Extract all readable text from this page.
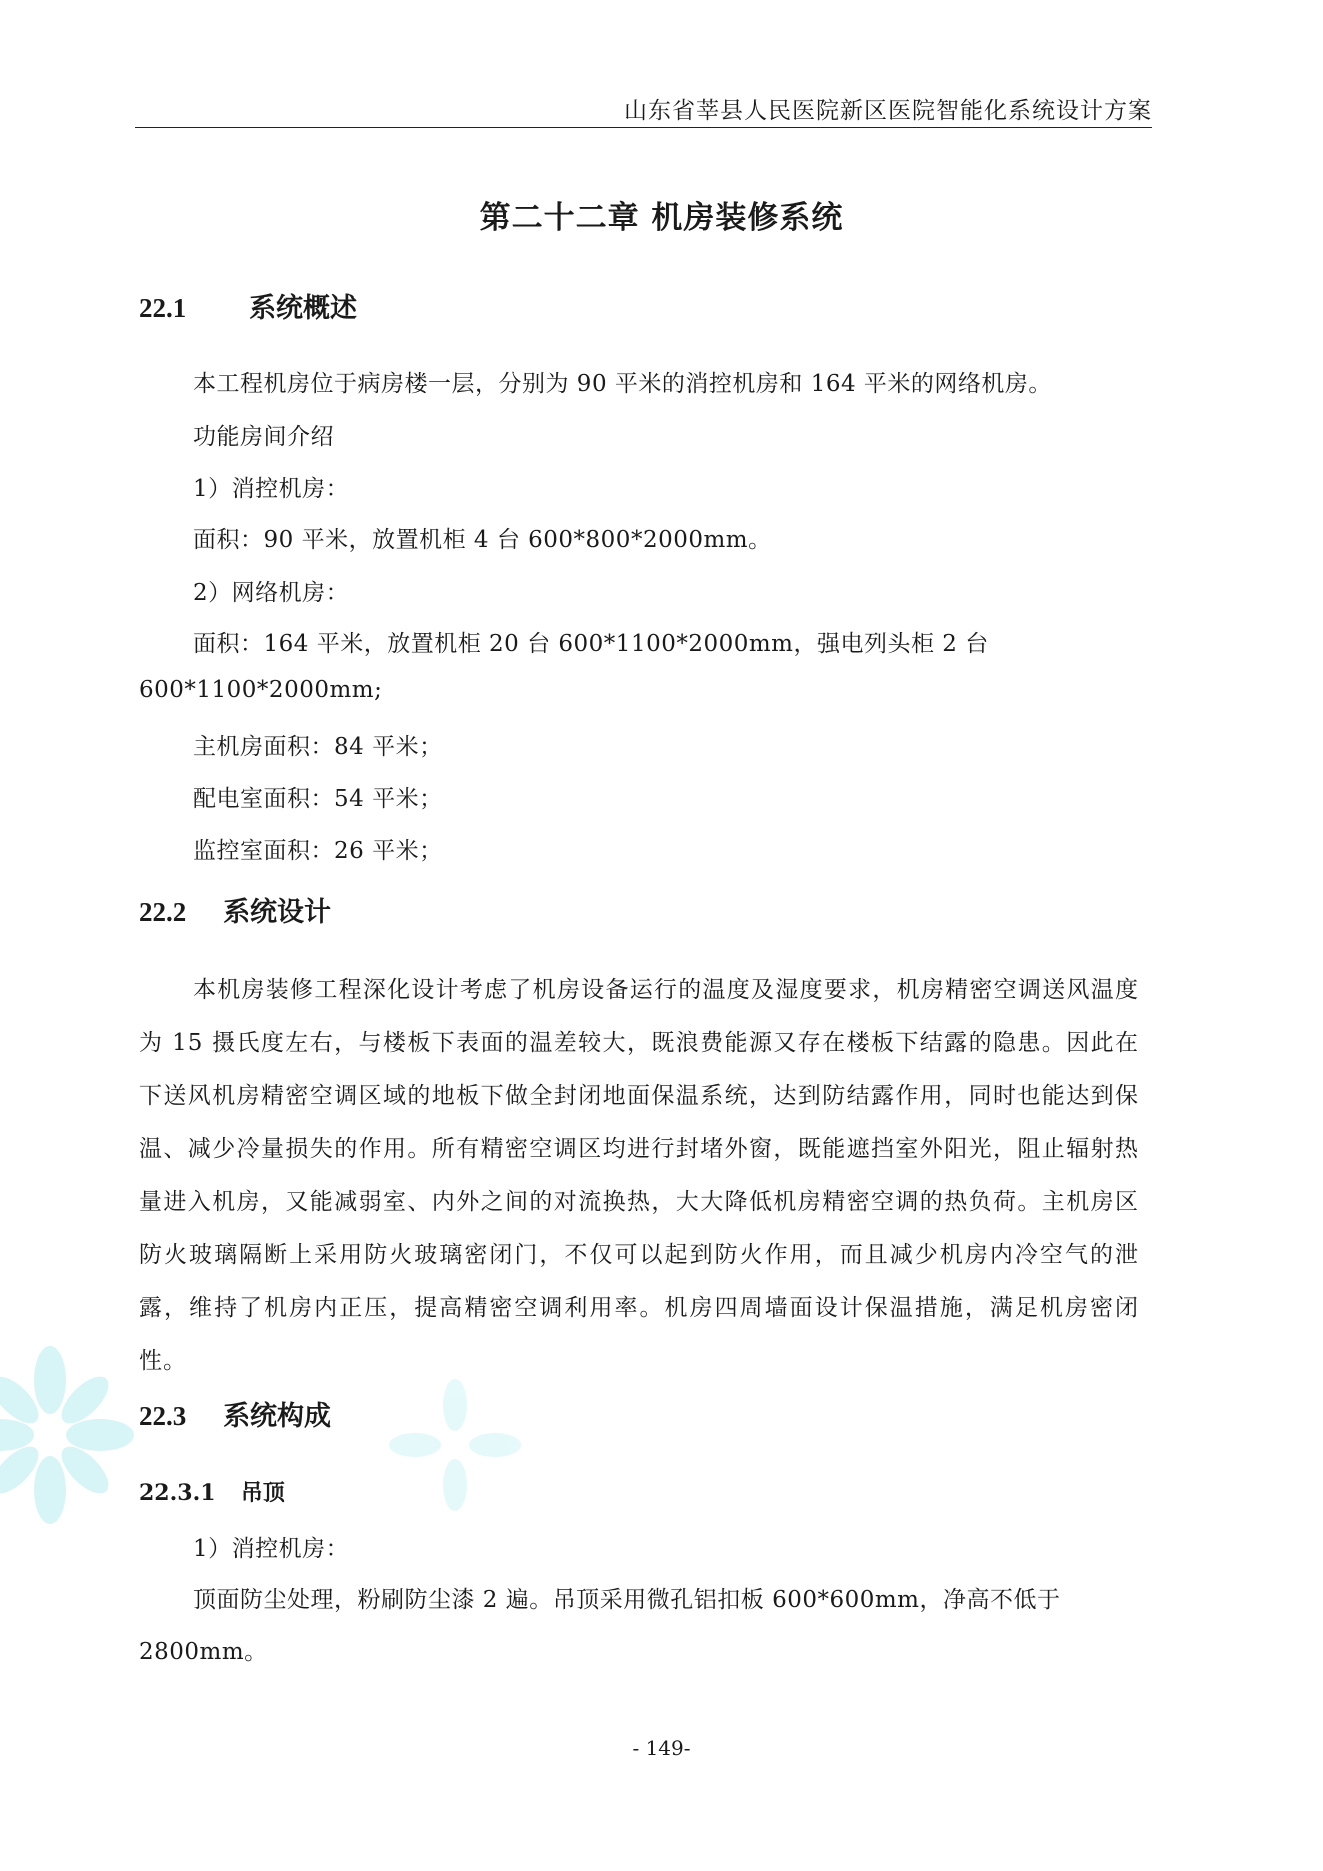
山东省莘县人民医院新区医院智能化系统设计方案
第二十二章 机房装修系统
22.1 系统概述
本工程机房位于病房楼一层，分别为 90 平米的消控机房和 164 平米的网络机房。
功能房间介绍
1）消控机房：
面积：90 平米，放置机柜 4 台 600*800*2000mm。
2）网络机房：
面积：164 平米，放置机柜 20 台 600*1100*2000mm，强电列头柜 2 台
600*1100*2000mm;
主机房面积：84 平米；
配电室面积：54 平米；
监控室面积：26 平米；
22.2 系统设计
本机房装修工程深化设计考虑了机房设备运行的温度及湿度要求，机房精密空调送风温度为 15 摄氏度左右，与楼板下表面的温差较大，既浪费能源又存在楼板下结露的隐患。因此在下送风机房精密空调区域的地板下做全封闭地面保温系统，达到防结露作用，同时也能达到保温、减少冷量损失的作用。所有精密空调区均进行封堵外窗，既能遮挡室外阳光，阻止辐射热量进入机房，又能减弱室、内外之间的对流换热，大大降低机房精密空调的热负荷。主机房区防火玻璃隔断上采用防火玻璃密闭门，不仅可以起到防火作用，而且减少机房内冷空气的泄露，维持了机房内正压，提高精密空调利用率。机房四周墙面设计保温措施，满足机房密闭性。
22.3 系统构成
22.3.1 吊顶
1）消控机房：
顶面防尘处理，粉刷防尘漆 2 遍。吊顶采用微孔铝扣板 600*600mm，净高不低于
2800mm。
- 149-
